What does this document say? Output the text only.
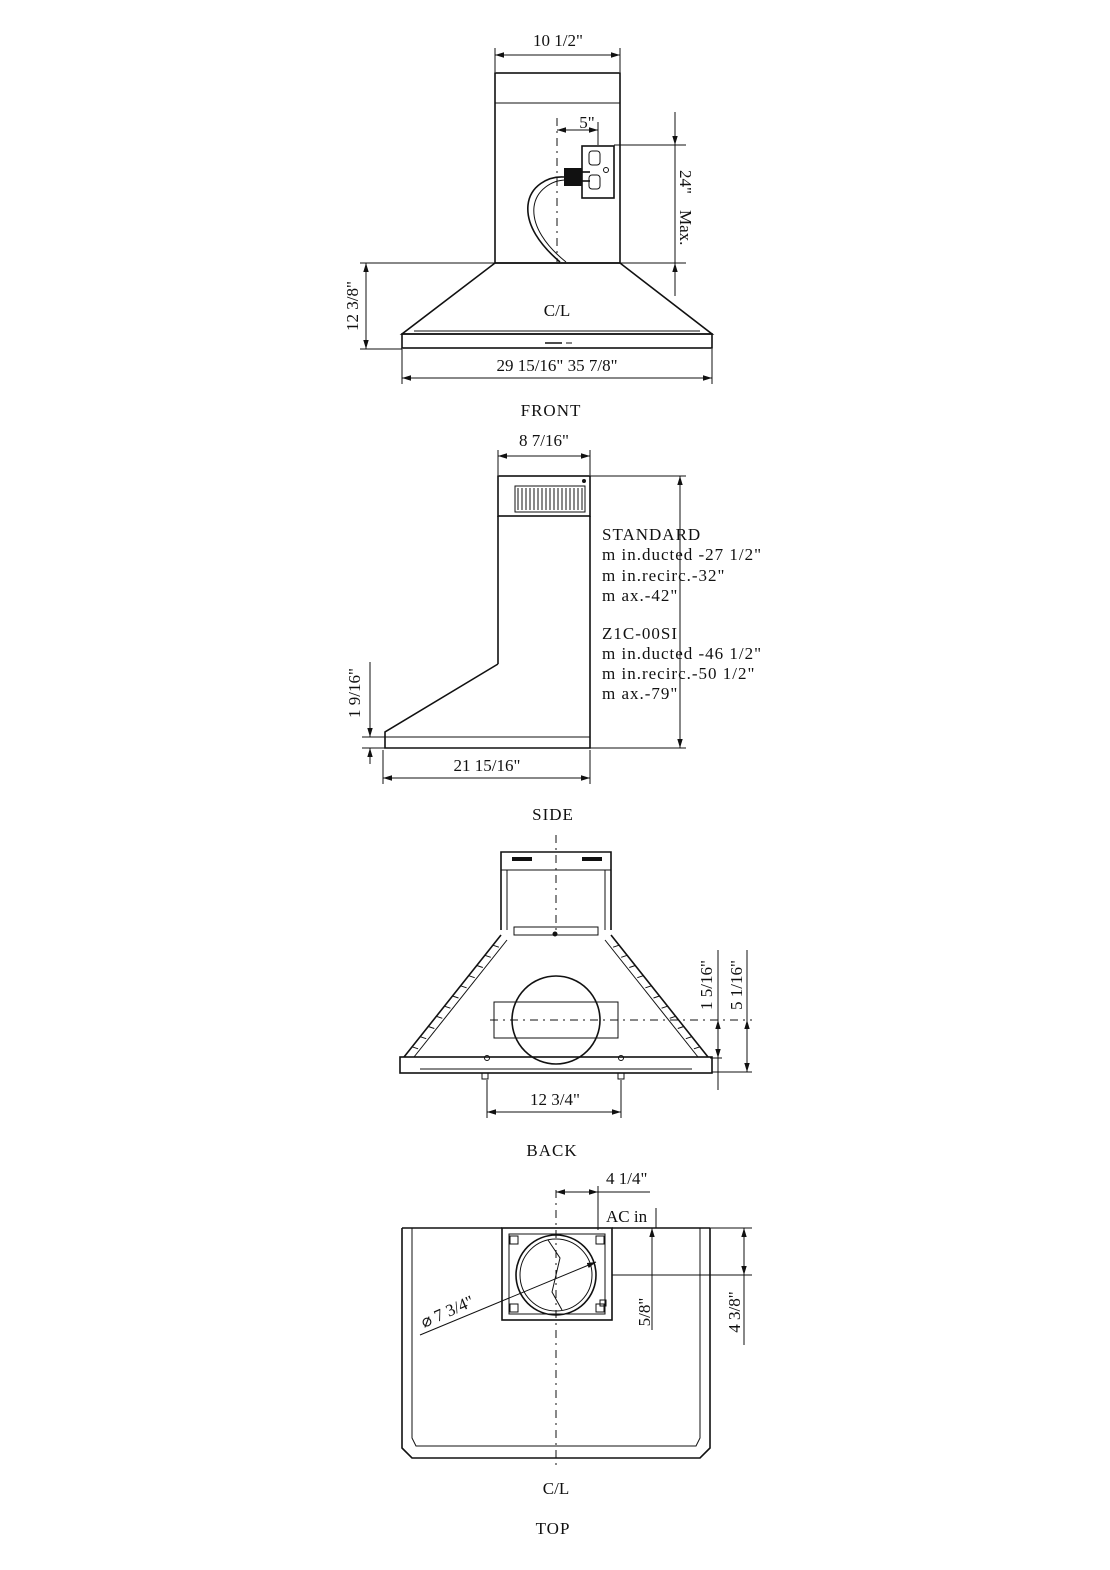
10 1/2"
5"
24"
Max.
12 3/8"	C/L
29 15/16" 35 7/8"
FRONT
8 7/16"
STANDARD
m in.ducted -27 1/2"
m in.recirc.-32"
m ax.-42"
Z1C-00SI
m in.ducted -46 1/2"
m in.recirc.-50 1/2"
m ax.-79"
1 9/16"
21 15/16"
SIDE
1 5/16" 5 1/16"
12 3/4"
BACK
⌀ 7 3/4"
4 1/4"
AC in
5/8"	4 3/8"
C/L
TOP
